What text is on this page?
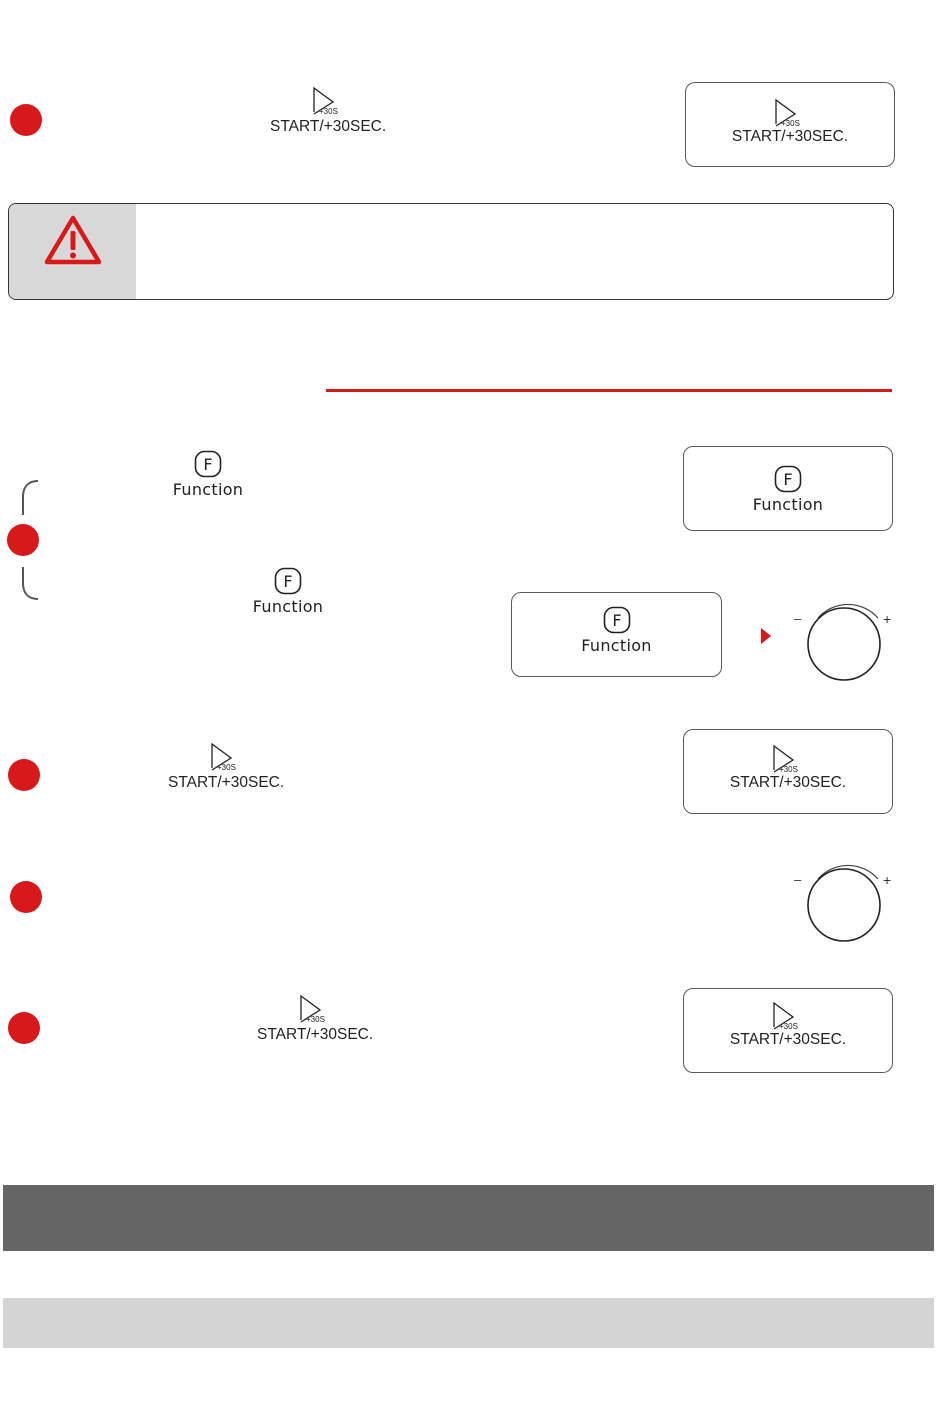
+30S
START/+30SEC.	+30S
START/+30SEC.
F
Function
F
Function
F
Function
F
Function
–	+
+30S
START/+30SEC.
+30S
START/+30SEC.
–	+
+30S
START/+30SEC.	+30S
START/+30SEC.
